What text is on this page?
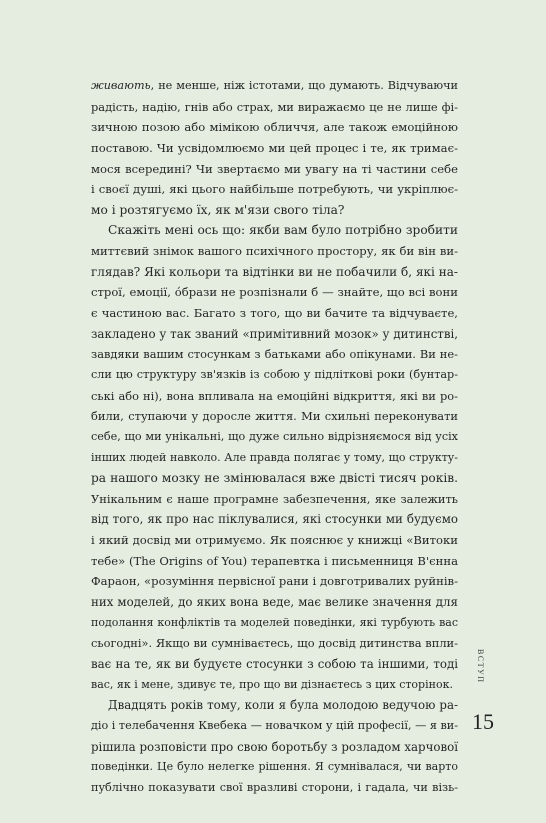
живають, не менше, ніж істотами, що думають. Відчуваючи
радість, надію, гнів або страх, ми виражаємо це не лише фі-
зичною позою або мімікою обличчя, але також емоційною
поставою. Чи усвідомлюємо ми цей процес і те, як тримає-
мося всередині? Чи звертаємо ми увагу на ті частини себе
і своєї душі, які цього найбільше потребують, чи укріплює-
мо і розтягуємо їх, як м'язи свого тіла?

Скажіть мені ось що: якби вам було потрібно зробити
миттєвий знімок вашого психічного простору, як би він ви-
глядав? Які кольори та відтінки ви не побачили б, які на-
строї, емоції, óбрази не розпізнали б — знайте, що всі вони
є частиною вас. Багато з того, що ви бачите та відчуваєте,
закладено у так званий «примітивний мозок» у дитинстві,
завдяки вашим стосункам з батьками або опікунами. Ви не-
сли цю структуру зв'язків із собою у підліткові роки (бунтар-
ські або ні), вона впливала на емоційні відкриття, які ви ро-
били, ступаючи у доросле життя. Ми схильні переконувати
себе, що ми унікальні, що дуже сильно відрізняємося від усіх
інших людей навколо. Але правда полягає у тому, що структу-
ра нашого мозку не змінювалася вже двісті тисяч років.
Унікальним є наше програмне забезпечення, яке залежить
від того, як про нас піклувалися, які стосунки ми будуємо
і який досвід ми отримуємо. Як пояснює у книжці «Витоки
тебе» (The Origins of You) терапевтка і письменниця В'єнна
Фараон, «розуміння первісної рани і довготривалих руйнів-
них моделей, до яких вона веде, має велике значення для
подолання конфліктів та моделей поведінки, які турбують вас
сьогодні». Якщо ви сумніваєтесь, що досвід дитинства впли-
ває на те, як ви будуєте стосунки з собою та іншими, тоді
вас, як і мене, здивує те, про що ви дізнаєтесь з цих сторінок.

Двадцять років тому, коли я була молодою ведучою ра-
діо і телебачення Квебека — новачком у цій професії, — я ви-
рішила розповісти про свою боротьбу з розладом харчової
поведінки. Це було нелегке рішення. Я сумнівалася, чи варто
публічно показувати свої вразливі сторони, і гадала, чи візь-

ВСТУП
15
